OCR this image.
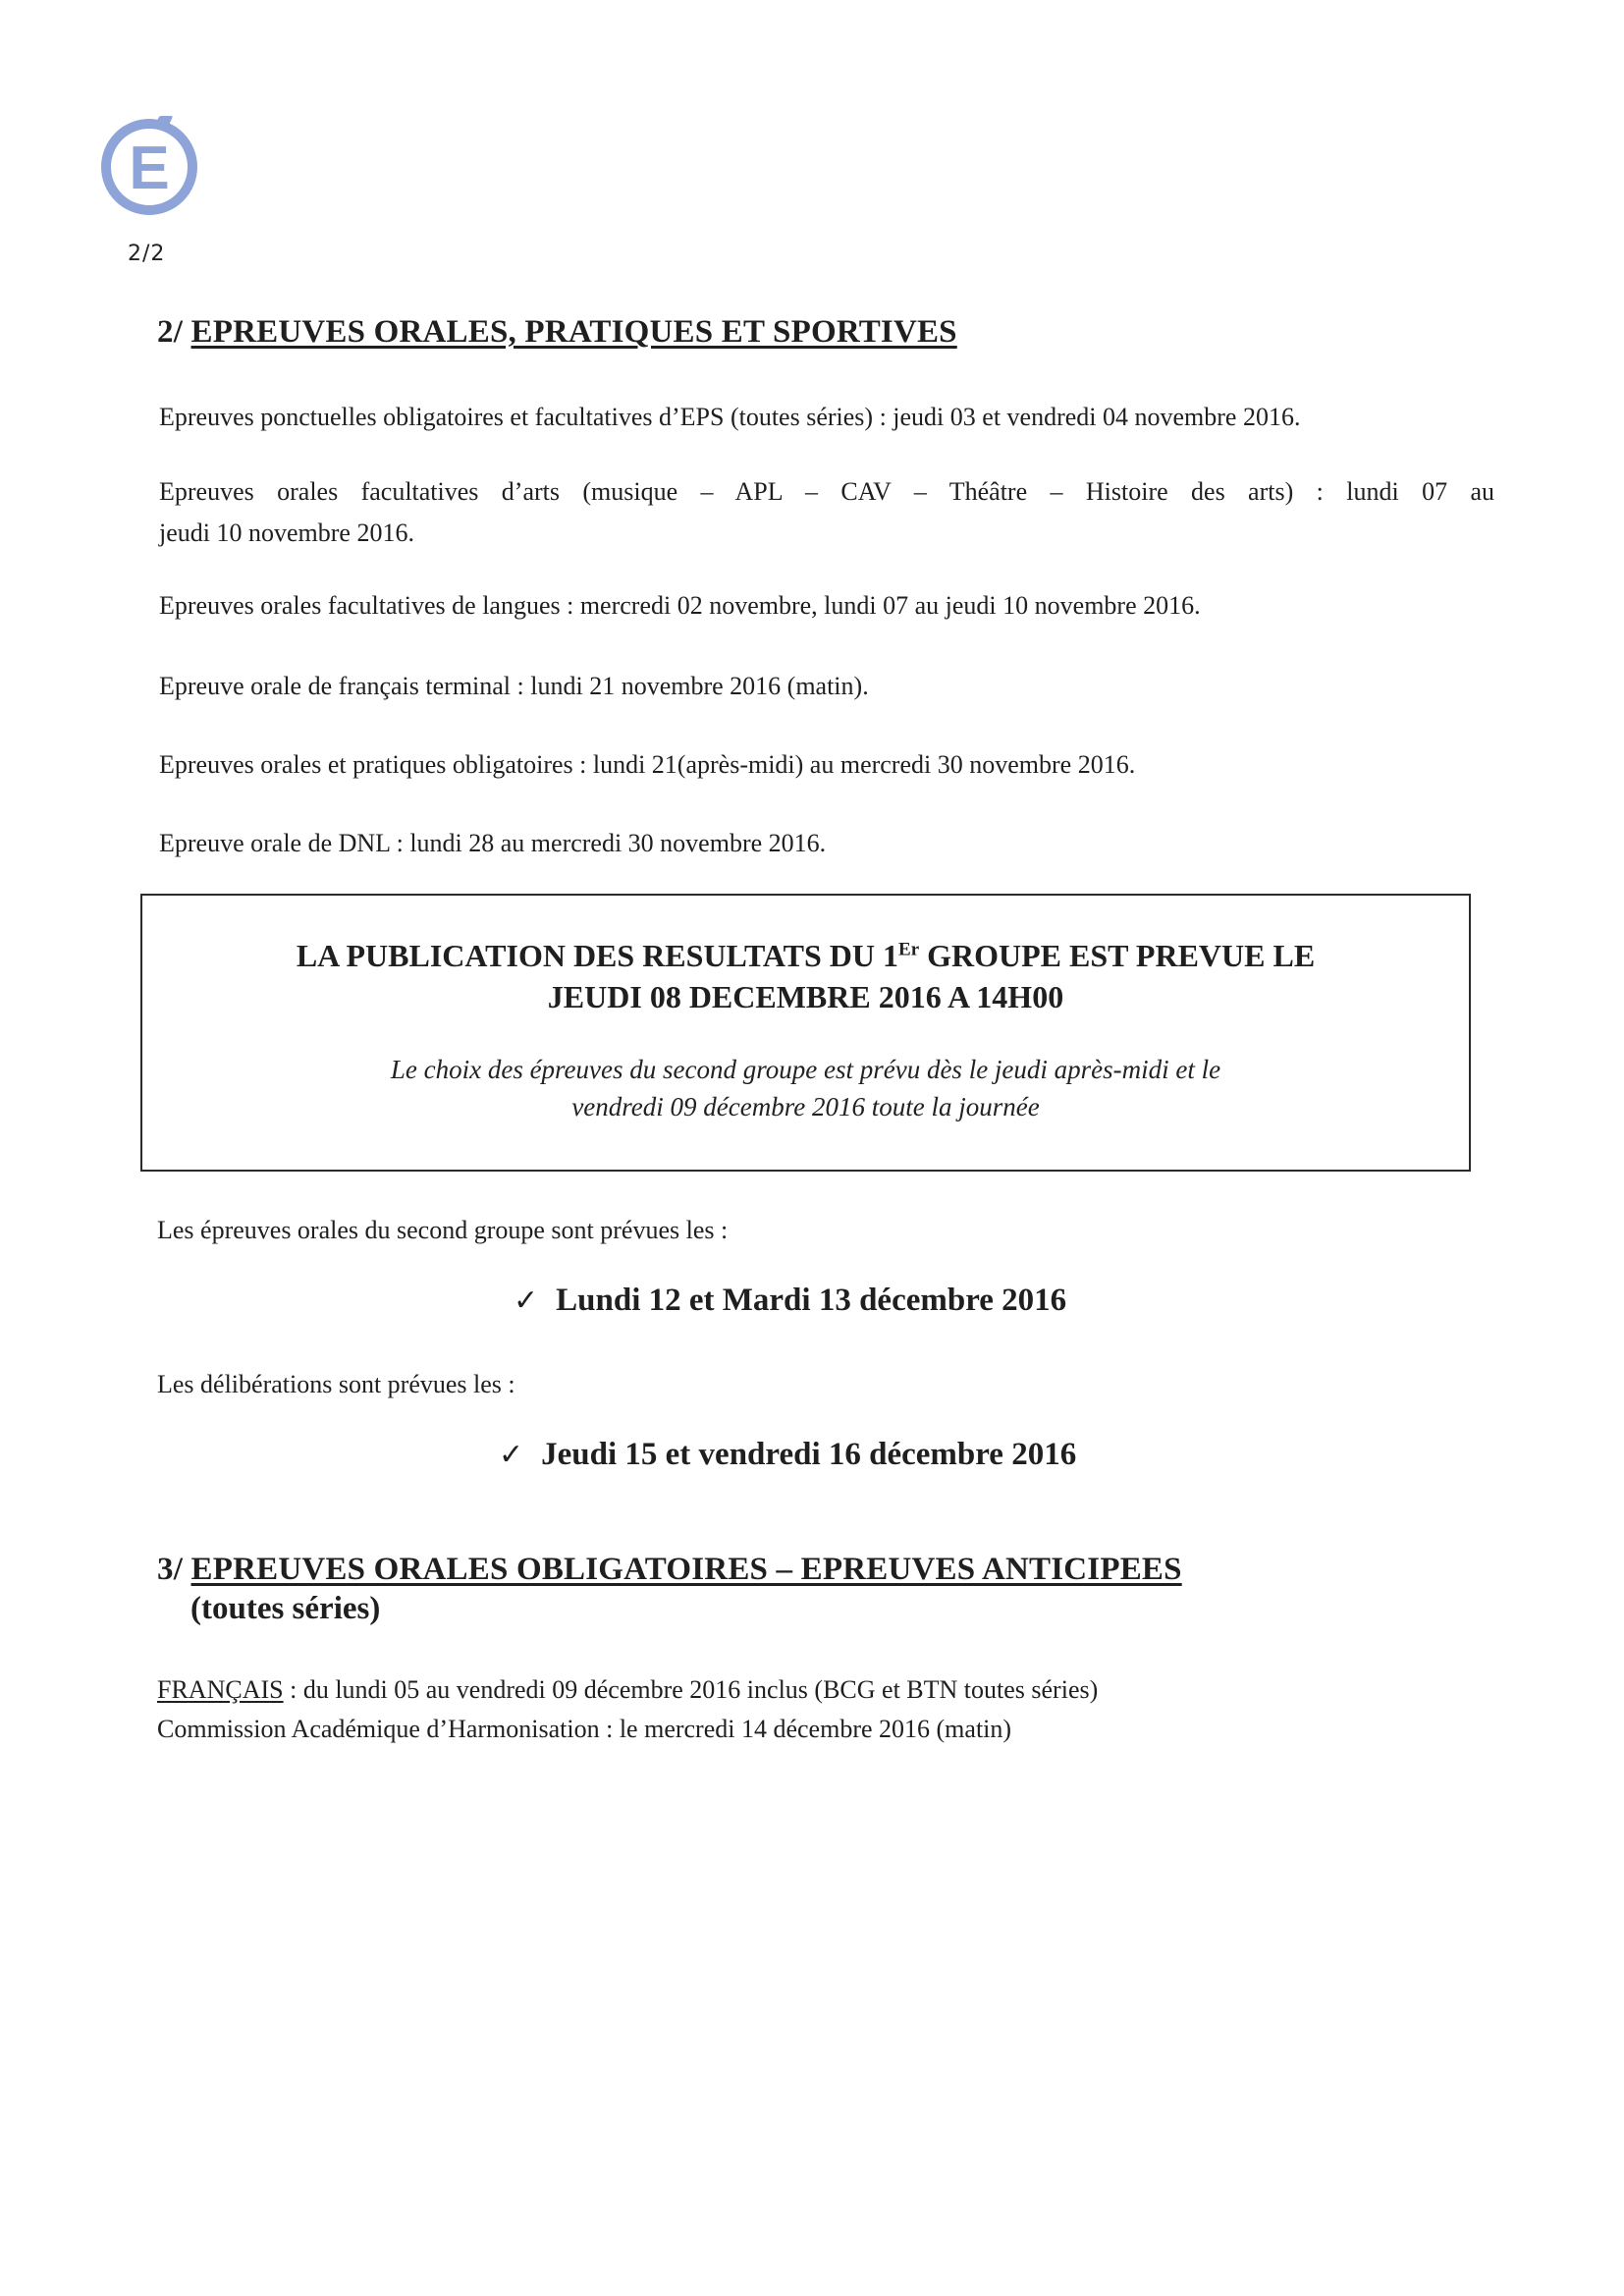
E
2/2
2/ EPREUVES ORALES, PRATIQUES ET SPORTIVES
Epreuves ponctuelles obligatoires et facultatives d’EPS (toutes séries) : jeudi 03 et vendredi 04 novembre 2016.
Epreuves orales facultatives d’arts (musique – APL – CAV – Théâtre – Histoire des arts) : lundi 07 au
jeudi 10 novembre 2016.
Epreuves orales facultatives de langues : mercredi 02 novembre, lundi 07 au jeudi 10 novembre 2016.
Epreuve orale de français terminal : lundi 21 novembre 2016 (matin).
Epreuves orales et pratiques obligatoires : lundi 21(après-midi) au mercredi 30 novembre 2016.
Epreuve orale de DNL : lundi 28 au mercredi 30 novembre 2016.
LA PUBLICATION DES RESULTATS DU 1Er GROUPE EST PREVUE LE
JEUDI 08 DECEMBRE 2016 A 14H00
Le choix des épreuves du second groupe est prévu dès le jeudi après-midi et le
vendredi 09 décembre 2016 toute la journée
Les épreuves orales du second groupe sont prévues les :
✓ Lundi 12 et Mardi 13 décembre 2016
Les délibérations sont prévues les :
✓ Jeudi 15 et vendredi 16 décembre 2016
3/ EPREUVES ORALES OBLIGATOIRES – EPREUVES ANTICIPEES
(toutes séries)
FRANÇAIS : du lundi 05 au vendredi 09 décembre 2016 inclus (BCG et BTN toutes séries)
Commission Académique d’Harmonisation : le mercredi 14 décembre 2016 (matin)
